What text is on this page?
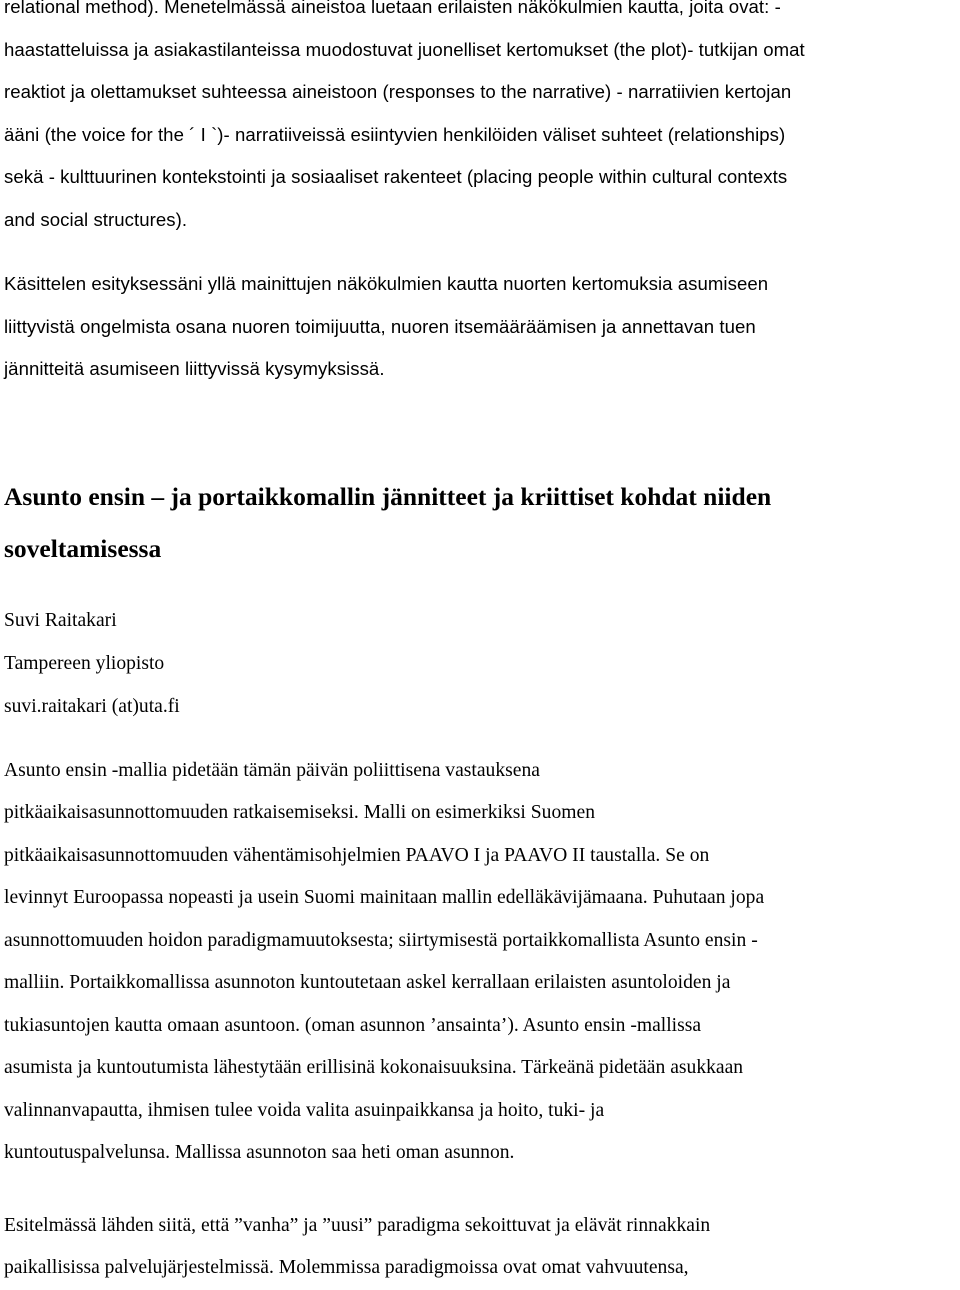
relational method). Menetelmässä aineistoa luetaan erilaisten näkökulmien kautta, joita ovat: -
haastatteluissa ja asiakastilanteissa muodostuvat juonelliset kertomukset (the plot)- tutkijan omat
reaktiot ja olettamukset suhteessa aineistoon (responses to the narrative) - narratiivien kertojan
ääni (the voice for the ´ I `)- narratiiveissä esiintyvien henkilöiden väliset suhteet (relationships)
sekä - kulttuurinen kontekstointi ja sosiaaliset rakenteet (placing people within cultural contexts
and social structures).

Käsittelen esityksessäni yllä mainittujen näkökulmien kautta nuorten kertomuksia asumiseen
liittyvistä ongelmista osana nuoren toimijuutta, nuoren itsemääräämisen ja annettavan tuen
jännitteitä asumiseen liittyvissä kysymyksissä.

Asunto ensin – ja portaikkomallin jännitteet ja kriittiset kohdat niiden
soveltamisessa

Suvi Raitakari
Tampereen yliopisto
suvi.raitakari (at)uta.fi

Asunto ensin -mallia pidetään tämän päivän poliittisena vastauksena
pitkäaikaisasunnottomuuden ratkaisemiseksi. Malli on esimerkiksi Suomen
pitkäaikaisasunnottomuuden vähentämisohjelmien PAAVO I ja PAAVO II taustalla. Se on
levinnyt Euroopassa nopeasti ja usein Suomi mainitaan mallin edelläkävijämaana. Puhutaan jopa
asunnottomuuden hoidon paradigmamuutoksesta; siirtymisestä portaikkomallista Asunto ensin -
malliin. Portaikkomallissa asunnoton kuntoutetaan askel kerrallaan erilaisten asuntoloiden ja
tukiasuntojen kautta omaan asuntoon. (oman asunnon ’ansainta’). Asunto ensin -mallissa
asumista ja kuntoutumista lähestytään erillisinä kokonaisuuksina. Tärkeänä pidetään asukkaan
valinnanvapautta, ihmisen tulee voida valita asuinpaikkansa ja hoito, tuki- ja
kuntoutuspalvelunsa. Mallissa asunnoton saa heti oman asunnon.

Esitelmässä lähden siitä, että ”vanha” ja ”uusi” paradigma sekoittuvat ja elävät rinnakkain
paikallisissa palvelujärjestelmissä. Molemmissa paradigmoissa ovat omat vahvuutensa,
